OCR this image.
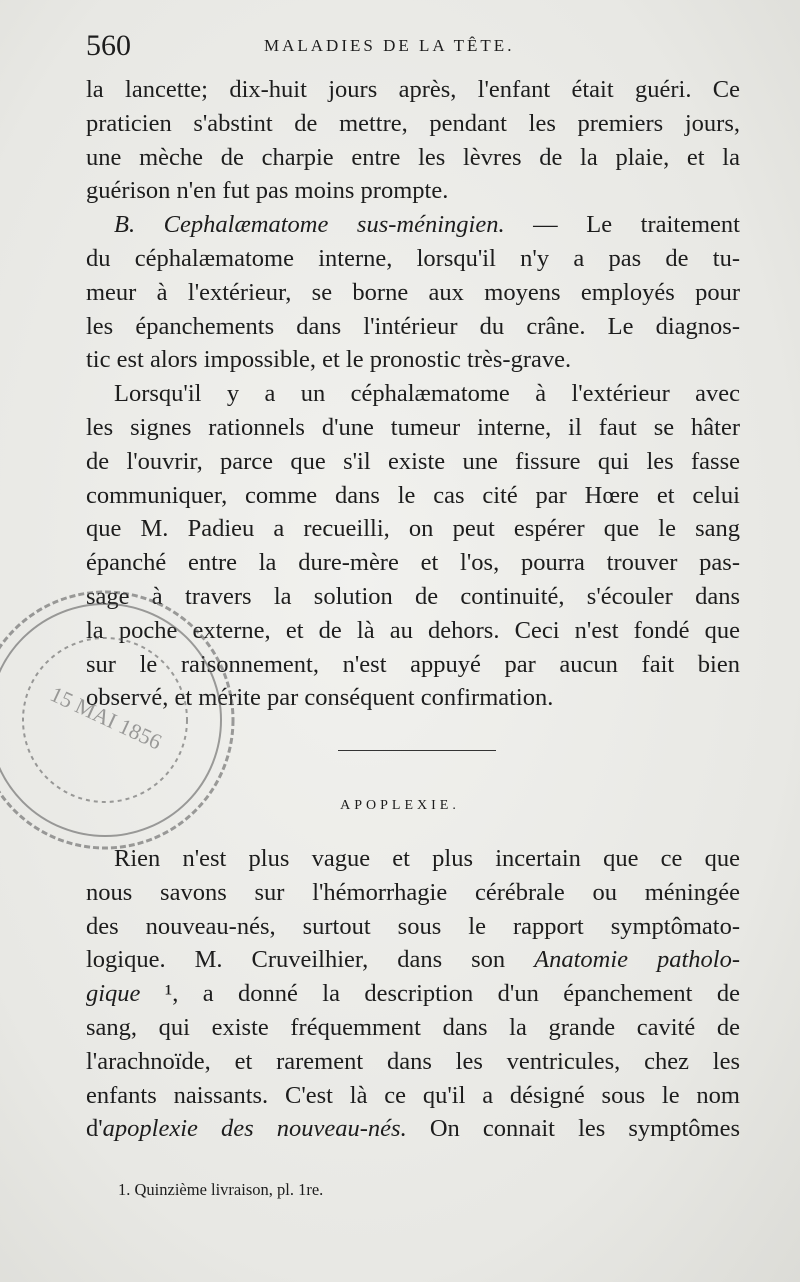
560	MALADIES DE LA TÊTE.
la lancette; dix-huit jours après, l'enfant était guéri. Ce
praticien s'abstint de mettre, pendant les premiers jours,
une mèche de charpie entre les lèvres de la plaie, et la
guérison n'en fut pas moins prompte.
B. Cephalæmatome sus-méningien. — Le traitement
du céphalæmatome interne, lorsqu'il n'y a pas de tu-
meur à l'extérieur, se borne aux moyens employés pour
les épanchements dans l'intérieur du crâne. Le diagnos-
tic est alors impossible, et le pronostic très-grave.
Lorsqu'il y a un céphalæmatome à l'extérieur avec
les signes rationnels d'une tumeur interne, il faut se hâter
de l'ouvrir, parce que s'il existe une fissure qui les fasse
communiquer, comme dans le cas cité par Hœre et celui
que M. Padieu a recueilli, on peut espérer que le sang
épanché entre la dure-mère et l'os, pourra trouver pas-
sage à travers la solution de continuité, s'écouler dans
la poche externe, et de là au dehors. Ceci n'est fondé que
sur le raisonnement, n'est appuyé par aucun fait bien
observé, et mérite par conséquent confirmation.
APOPLEXIE.
Rien n'est plus vague et plus incertain que ce que
nous savons sur l'hémorrhagie cérébrale ou méningée
des nouveau-nés, surtout sous le rapport symptômato-
logique. M. Cruveilhier, dans son Anatomie patholo-
gique ¹, a donné la description d'un épanchement de
sang, qui existe fréquemment dans la grande cavité de
l'arachnoïde, et rarement dans les ventricules, chez les
enfants naissants. C'est là ce qu'il a désigné sous le nom
d'apoplexie des nouveau-nés. On connait les symptômes
1. Quinzième livraison, pl. 1re.
15 MAI 1856
